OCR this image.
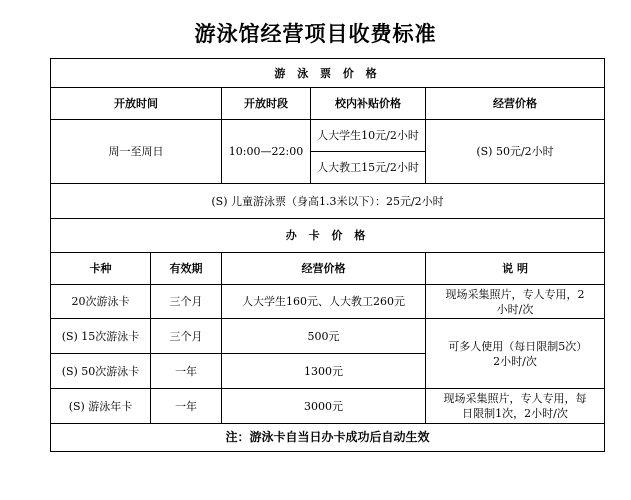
游泳馆经营项目收费标准
游 泳 票 价 格				
开放时间		开放时段	校内补贴价格	经营价格
周一至周日		10:00—22:00	人大学生10元/2小时	(S) 50元/2小时
			人大教工15元/2小时	
(S) 儿童游泳票（身高1.3米以下）：25元/2小时				
办 卡 价 格				
卡种	有效期	经营价格		说 明
20次游泳卡	三个月	人大学生160元、人大教工260元		现场采集照片，专人专用，2小时/次
(S) 15次游泳卡	三个月	500元		可多人使用（每日限制5次）2小时/次
(S) 50次游泳卡	一年	1300元		
(S) 游泳年卡	一年	3000元		现场采集照片，专人专用，每日限制1次，2小时/次
注：游泳卡自当日办卡成功后自动生效				
